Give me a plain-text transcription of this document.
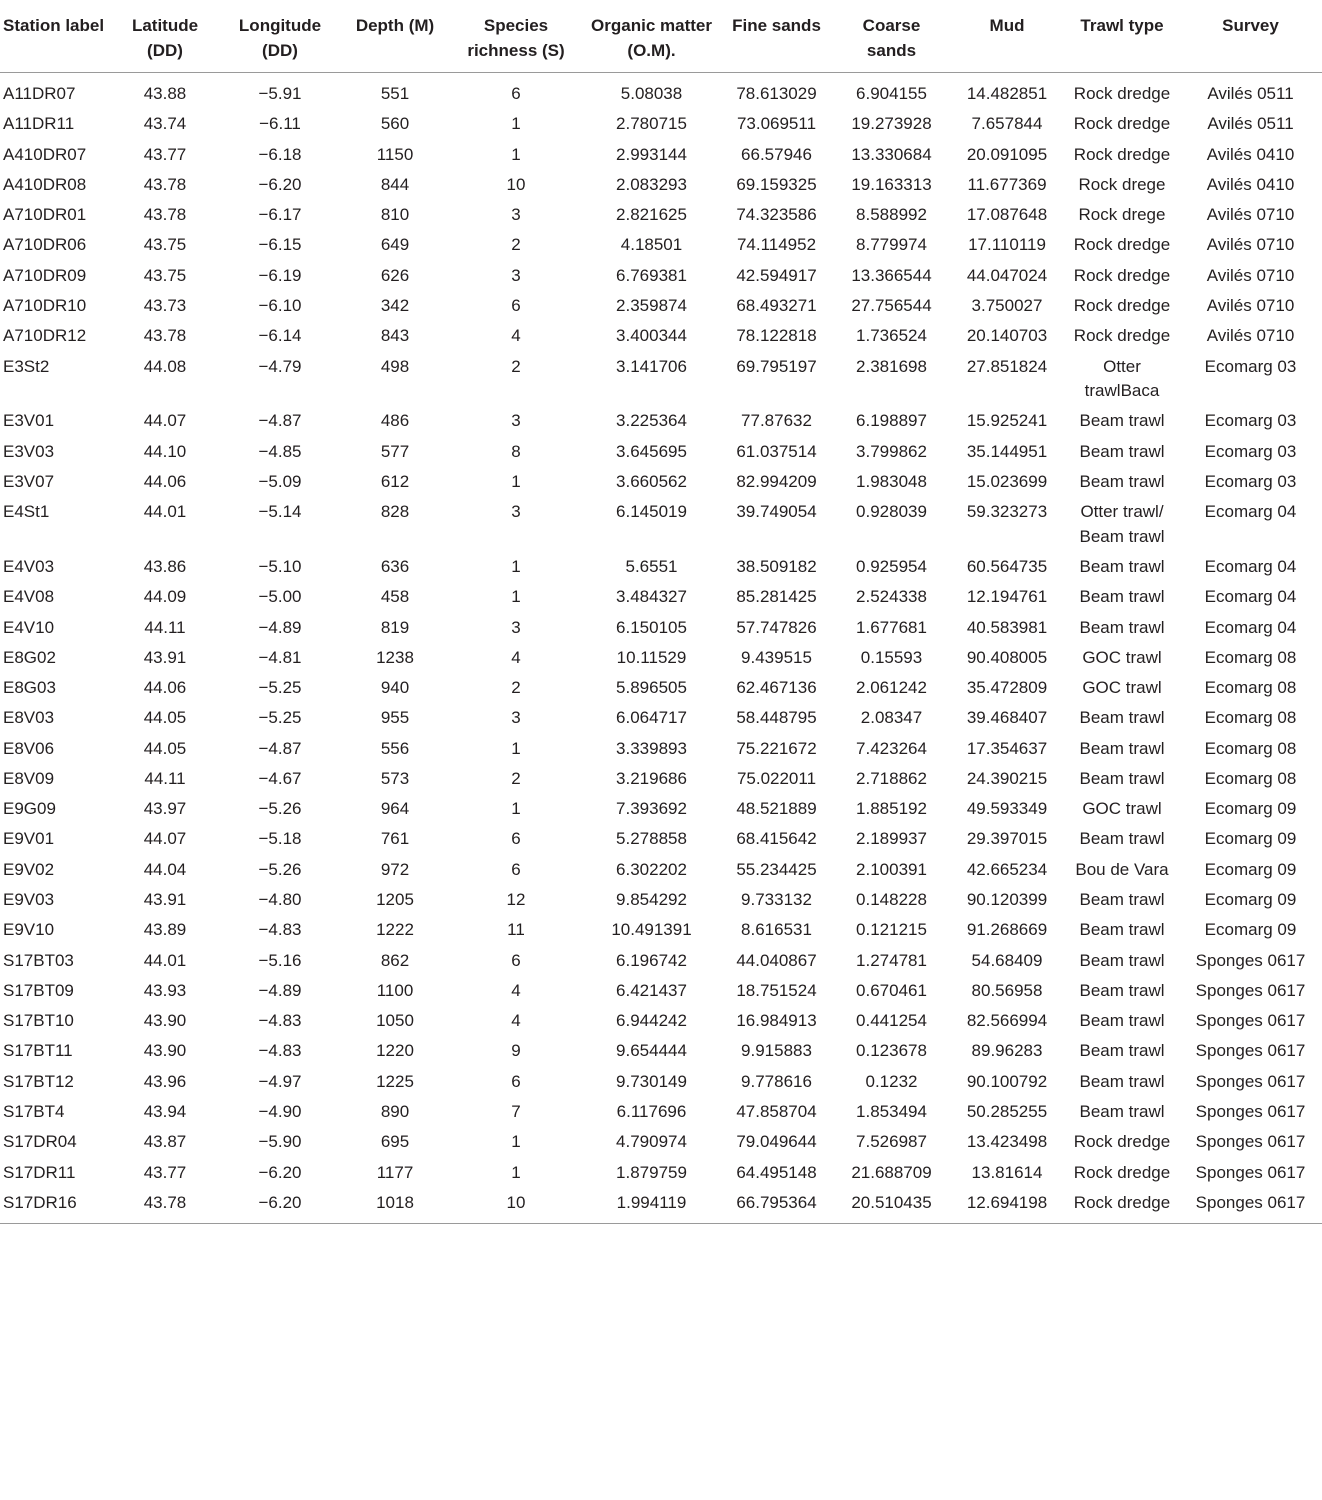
Station label	Latitude (DD)	Longitude (DD)	Depth (M)	Species richness (S)	Organic matter (O.M).	Fine sands	Coarse sands	Mud	Trawl type	Survey
A11DR07	43.88	−5.91	551	6	5.08038	78.613029	6.904155	14.482851	Rock dredge	Avilés 0511
A11DR11	43.74	−6.11	560	1	2.780715	73.069511	19.273928	7.657844	Rock dredge	Avilés 0511
A410DR07	43.77	−6.18	1150	1	2.993144	66.57946	13.330684	20.091095	Rock dredge	Avilés 0410
A410DR08	43.78	−6.20	844	10	2.083293	69.159325	19.163313	11.677369	Rock drege	Avilés 0410
A710DR01	43.78	−6.17	810	3	2.821625	74.323586	8.588992	17.087648	Rock drege	Avilés 0710
A710DR06	43.75	−6.15	649	2	4.18501	74.114952	8.779974	17.110119	Rock dredge	Avilés 0710
A710DR09	43.75	−6.19	626	3	6.769381	42.594917	13.366544	44.047024	Rock dredge	Avilés 0710
A710DR10	43.73	−6.10	342	6	2.359874	68.493271	27.756544	3.750027	Rock dredge	Avilés 0710
A710DR12	43.78	−6.14	843	4	3.400344	78.122818	1.736524	20.140703	Rock dredge	Avilés 0710
E3St2	44.08	−4.79	498	2	3.141706	69.795197	2.381698	27.851824	Otter trawlBaca	Ecomarg 03
E3V01	44.07	−4.87	486	3	3.225364	77.87632	6.198897	15.925241	Beam trawl	Ecomarg 03
E3V03	44.10	−4.85	577	8	3.645695	61.037514	3.799862	35.144951	Beam trawl	Ecomarg 03
E3V07	44.06	−5.09	612	1	3.660562	82.994209	1.983048	15.023699	Beam trawl	Ecomarg 03
E4St1	44.01	−5.14	828	3	6.145019	39.749054	0.928039	59.323273	Otter trawl/ Beam trawl	Ecomarg 04
E4V03	43.86	−5.10	636	1	5.6551	38.509182	0.925954	60.564735	Beam trawl	Ecomarg 04
E4V08	44.09	−5.00	458	1	3.484327	85.281425	2.524338	12.194761	Beam trawl	Ecomarg 04
E4V10	44.11	−4.89	819	3	6.150105	57.747826	1.677681	40.583981	Beam trawl	Ecomarg 04
E8G02	43.91	−4.81	1238	4	10.11529	9.439515	0.15593	90.408005	GOC trawl	Ecomarg 08
E8G03	44.06	−5.25	940	2	5.896505	62.467136	2.061242	35.472809	GOC trawl	Ecomarg 08
E8V03	44.05	−5.25	955	3	6.064717	58.448795	2.08347	39.468407	Beam trawl	Ecomarg 08
E8V06	44.05	−4.87	556	1	3.339893	75.221672	7.423264	17.354637	Beam trawl	Ecomarg 08
E8V09	44.11	−4.67	573	2	3.219686	75.022011	2.718862	24.390215	Beam trawl	Ecomarg 08
E9G09	43.97	−5.26	964	1	7.393692	48.521889	1.885192	49.593349	GOC trawl	Ecomarg 09
E9V01	44.07	−5.18	761	6	5.278858	68.415642	2.189937	29.397015	Beam trawl	Ecomarg 09
E9V02	44.04	−5.26	972	6	6.302202	55.234425	2.100391	42.665234	Bou de Vara	Ecomarg 09
E9V03	43.91	−4.80	1205	12	9.854292	9.733132	0.148228	90.120399	Beam trawl	Ecomarg 09
E9V10	43.89	−4.83	1222	11	10.491391	8.616531	0.121215	91.268669	Beam trawl	Ecomarg 09
S17BT03	44.01	−5.16	862	6	6.196742	44.040867	1.274781	54.68409	Beam trawl	Sponges 0617
S17BT09	43.93	−4.89	1100	4	6.421437	18.751524	0.670461	80.56958	Beam trawl	Sponges 0617
S17BT10	43.90	−4.83	1050	4	6.944242	16.984913	0.441254	82.566994	Beam trawl	Sponges 0617
S17BT11	43.90	−4.83	1220	9	9.654444	9.915883	0.123678	89.96283	Beam trawl	Sponges 0617
S17BT12	43.96	−4.97	1225	6	9.730149	9.778616	0.1232	90.100792	Beam trawl	Sponges 0617
S17BT4	43.94	−4.90	890	7	6.117696	47.858704	1.853494	50.285255	Beam trawl	Sponges 0617
S17DR04	43.87	−5.90	695	1	4.790974	79.049644	7.526987	13.423498	Rock dredge	Sponges 0617
S17DR11	43.77	−6.20	1177	1	1.879759	64.495148	21.688709	13.81614	Rock dredge	Sponges 0617
S17DR16	43.78	−6.20	1018	10	1.994119	66.795364	20.510435	12.694198	Rock dredge	Sponges 0617
